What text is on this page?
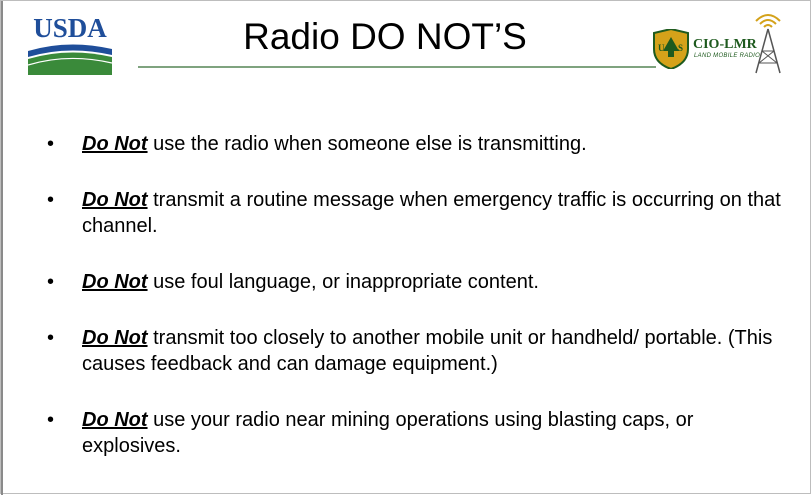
USDA	Radio DO NOT’S	U S CIO-LMR
LAND MOBILE RADIO
• Do Not use the radio when someone else is transmitting.
• Do Not transmit a routine message when emergency traffic is occurring on that channel.
• Do Not use foul language, or inappropriate content.
• Do Not transmit too closely to another mobile unit or handheld/ portable. (This causes feedback and can damage equipment.)
• Do Not use your radio near mining operations using blasting caps, or explosives.
